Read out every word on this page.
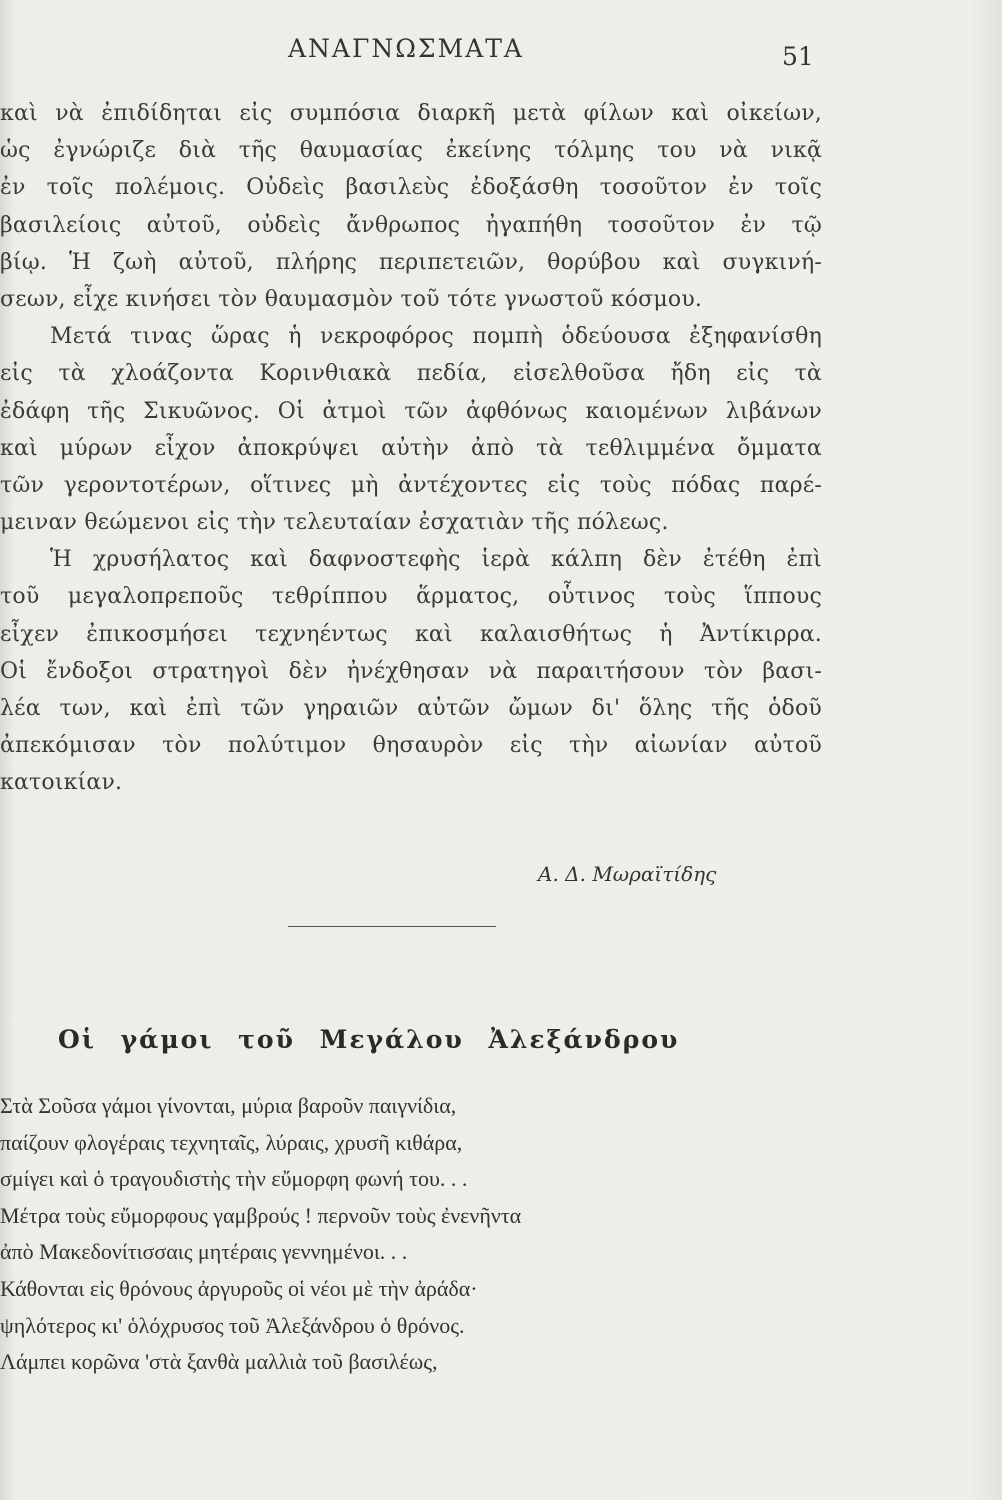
ΑΝΑΓΝΩΣΜΑΤΑ	51
καὶ νὰ ἐπιδίδηται εἰς συμπόσια διαρκῆ μετὰ φίλων καὶ οἰκείων,
ὡς ἐγνώριζε διὰ τῆς θαυμασίας ἐκείνης τόλμης του νὰ νικᾷ
ἐν τοῖς πολέμοις. Οὐδεὶς βασιλεὺς ἐδοξάσθη τοσοῦτον ἐν τοῖς
βασιλείοις αὐτοῦ, οὐδεὶς ἄνθρωπος ἠγαπήθη τοσοῦτον ἐν τῷ
βίῳ. Ἡ ζωὴ αὐτοῦ, πλήρης περιπετειῶν, θορύβου καὶ συγκινή-
σεων, εἶχε κινήσει τὸν θαυμασμὸν τοῦ τότε γνωστοῦ κόσμου.
Μετά τινας ὥρας ἡ νεκροφόρος πομπὴ ὁδεύουσα ἐξηφανίσθη
εἰς τὰ χλοάζοντα Κορινθιακὰ πεδία, εἰσελθοῦσα ἤδη εἰς τὰ
ἐδάφη τῆς Σικυῶνος. Οἱ ἀτμοὶ τῶν ἀφθόνως καιομένων λιβάνων
καὶ μύρων εἶχον ἀποκρύψει αὐτὴν ἀπὸ τὰ τεθλιμμένα ὄμματα
τῶν γεροντοτέρων, οἵτινες μὴ ἀντέχοντες εἰς τοὺς πόδας παρέ-
μειναν θεώμενοι εἰς τὴν τελευταίαν ἐσχατιὰν τῆς πόλεως.
Ἡ χρυσήλατος καὶ δαφνοστεφὴς ἱερὰ κάλπη δὲν ἐτέθη ἐπὶ
τοῦ μεγαλοπρεποῦς τεθρίππου ἅρματος, οὗτινος τοὺς ἵππους
εἶχεν ἐπικοσμήσει τεχνηέντως καὶ καλαισθήτως ἡ Ἀντίκιρρα.
Οἱ ἔνδοξοι στρατηγοὶ δὲν ἠνέχθησαν νὰ παραιτήσουν τὸν βασι-
λέα των, καὶ ἐπὶ τῶν γηραιῶν αὐτῶν ὤμων δι' ὅλης τῆς ὁδοῦ
ἀπεκόμισαν τὸν πολύτιμον θησαυρὸν εἰς τὴν αἰωνίαν αὐτοῦ
κατοικίαν.
Α. Δ. Μωραϊτίδης
Οἱ γάμοι τοῦ Μεγάλου Ἀλεξάνδρου
Στὰ Σοῦσα γάμοι γίνονται, μύρια βαροῦν παιγνίδια,
παίζουν φλογέραις τεχνηταῖς, λύραις, χρυσῆ κιθάρα,
σμίγει καὶ ὁ τραγουδιστὴς τὴν εὔμορφη φωνή του. . .
Μέτρα τοὺς εὔμορφους γαμβρούς ! περνοῦν τοὺς ἐνενῆντα
ἀπὸ Μακεδονίτισσαις μητέραις γεννημένοι. . .
Κάθονται εἰς θρόνους ἀργυροῦς οἱ νέοι μὲ τὴν ἀράδα·
ψηλότερος κι' ὁλόχρυσος τοῦ Ἀλεξάνδρου ὁ θρόνος.
Λάμπει κορῶνα 'στὰ ξανθὰ μαλλιὰ τοῦ βασιλέως,
